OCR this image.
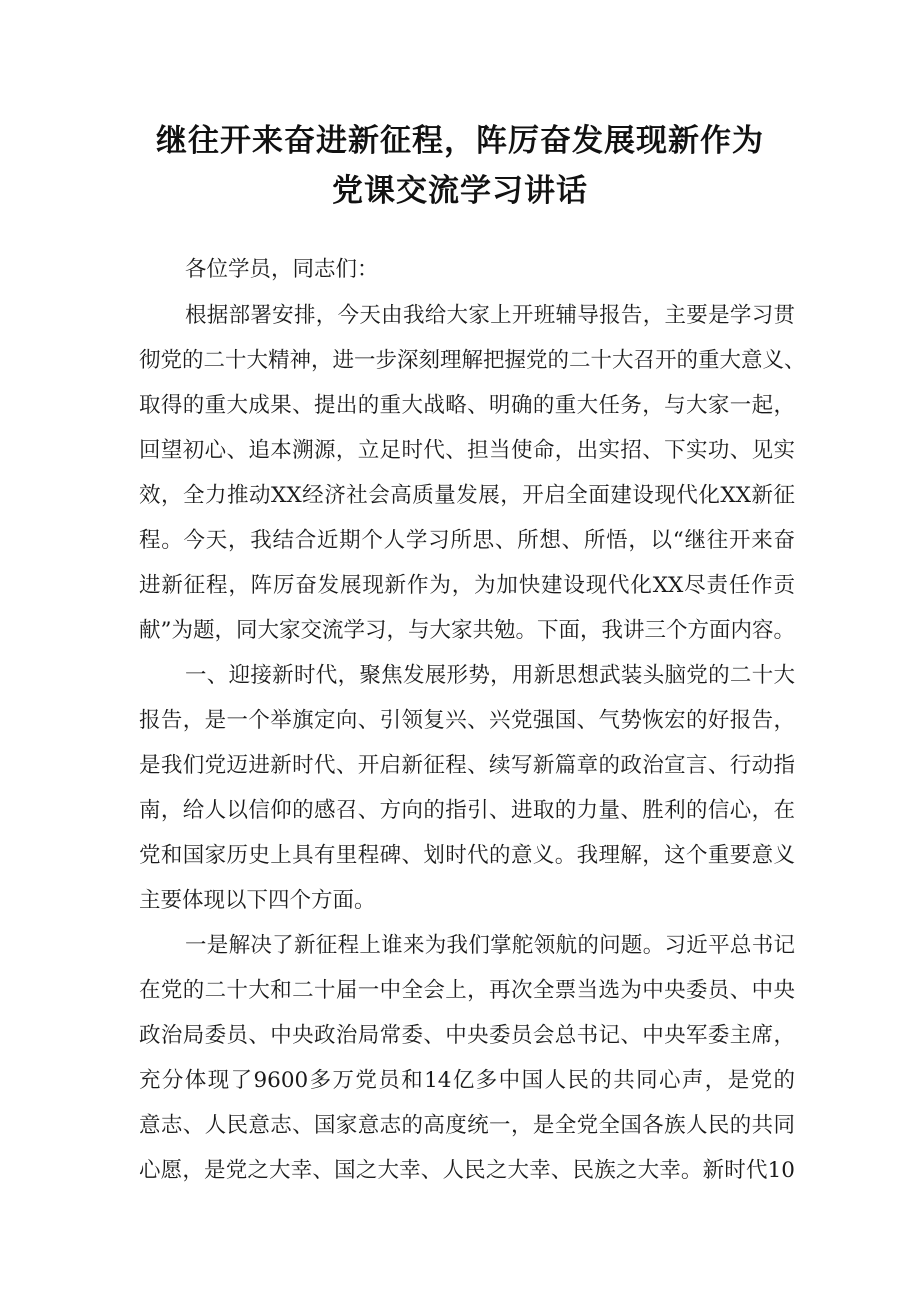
继往开来奋进新征程，阵厉奋发展现新作为
党课交流学习讲话
各位学员，同志们：
根据部署安排，今天由我给大家上开班辅导报告，主要是学习贯
彻党的二十大精神，进一步深刻理解把握党的二十大召开的重大意义、
取得的重大成果、提出的重大战略、明确的重大任务，与大家一起，
回望初心、追本溯源，立足时代、担当使命，出实招、下实功、见实
效，全力推动XX经济社会高质量发展，开启全面建设现代化XX新征
程。今天，我结合近期个人学习所思、所想、所悟，以“继往开来奋
进新征程，阵厉奋发展现新作为，为加快建设现代化XX尽责任作贡
献”为题，同大家交流学习，与大家共勉。下面，我讲三个方面内容。
一、迎接新时代，聚焦发展形势，用新思想武装头脑党的二十大
报告，是一个举旗定向、引领复兴、兴党强国、气势恢宏的好报告，
是我们党迈进新时代、开启新征程、续写新篇章的政治宣言、行动指
南，给人以信仰的感召、方向的指引、进取的力量、胜利的信心，在
党和国家历史上具有里程碑、划时代的意义。我理解，这个重要意义
主要体现以下四个方面。
一是解决了新征程上谁来为我们掌舵领航的问题。习近平总书记
在党的二十大和二十届一中全会上，再次全票当选为中央委员、中央
政治局委员、中央政治局常委、中央委员会总书记、中央军委主席，
充分体现了9600多万党员和14亿多中国人民的共同心声，是党的
意志、人民意志、国家意志的高度统一，是全党全国各族人民的共同
心愿，是党之大幸、国之大幸、人民之大幸、民族之大幸。新时代10
